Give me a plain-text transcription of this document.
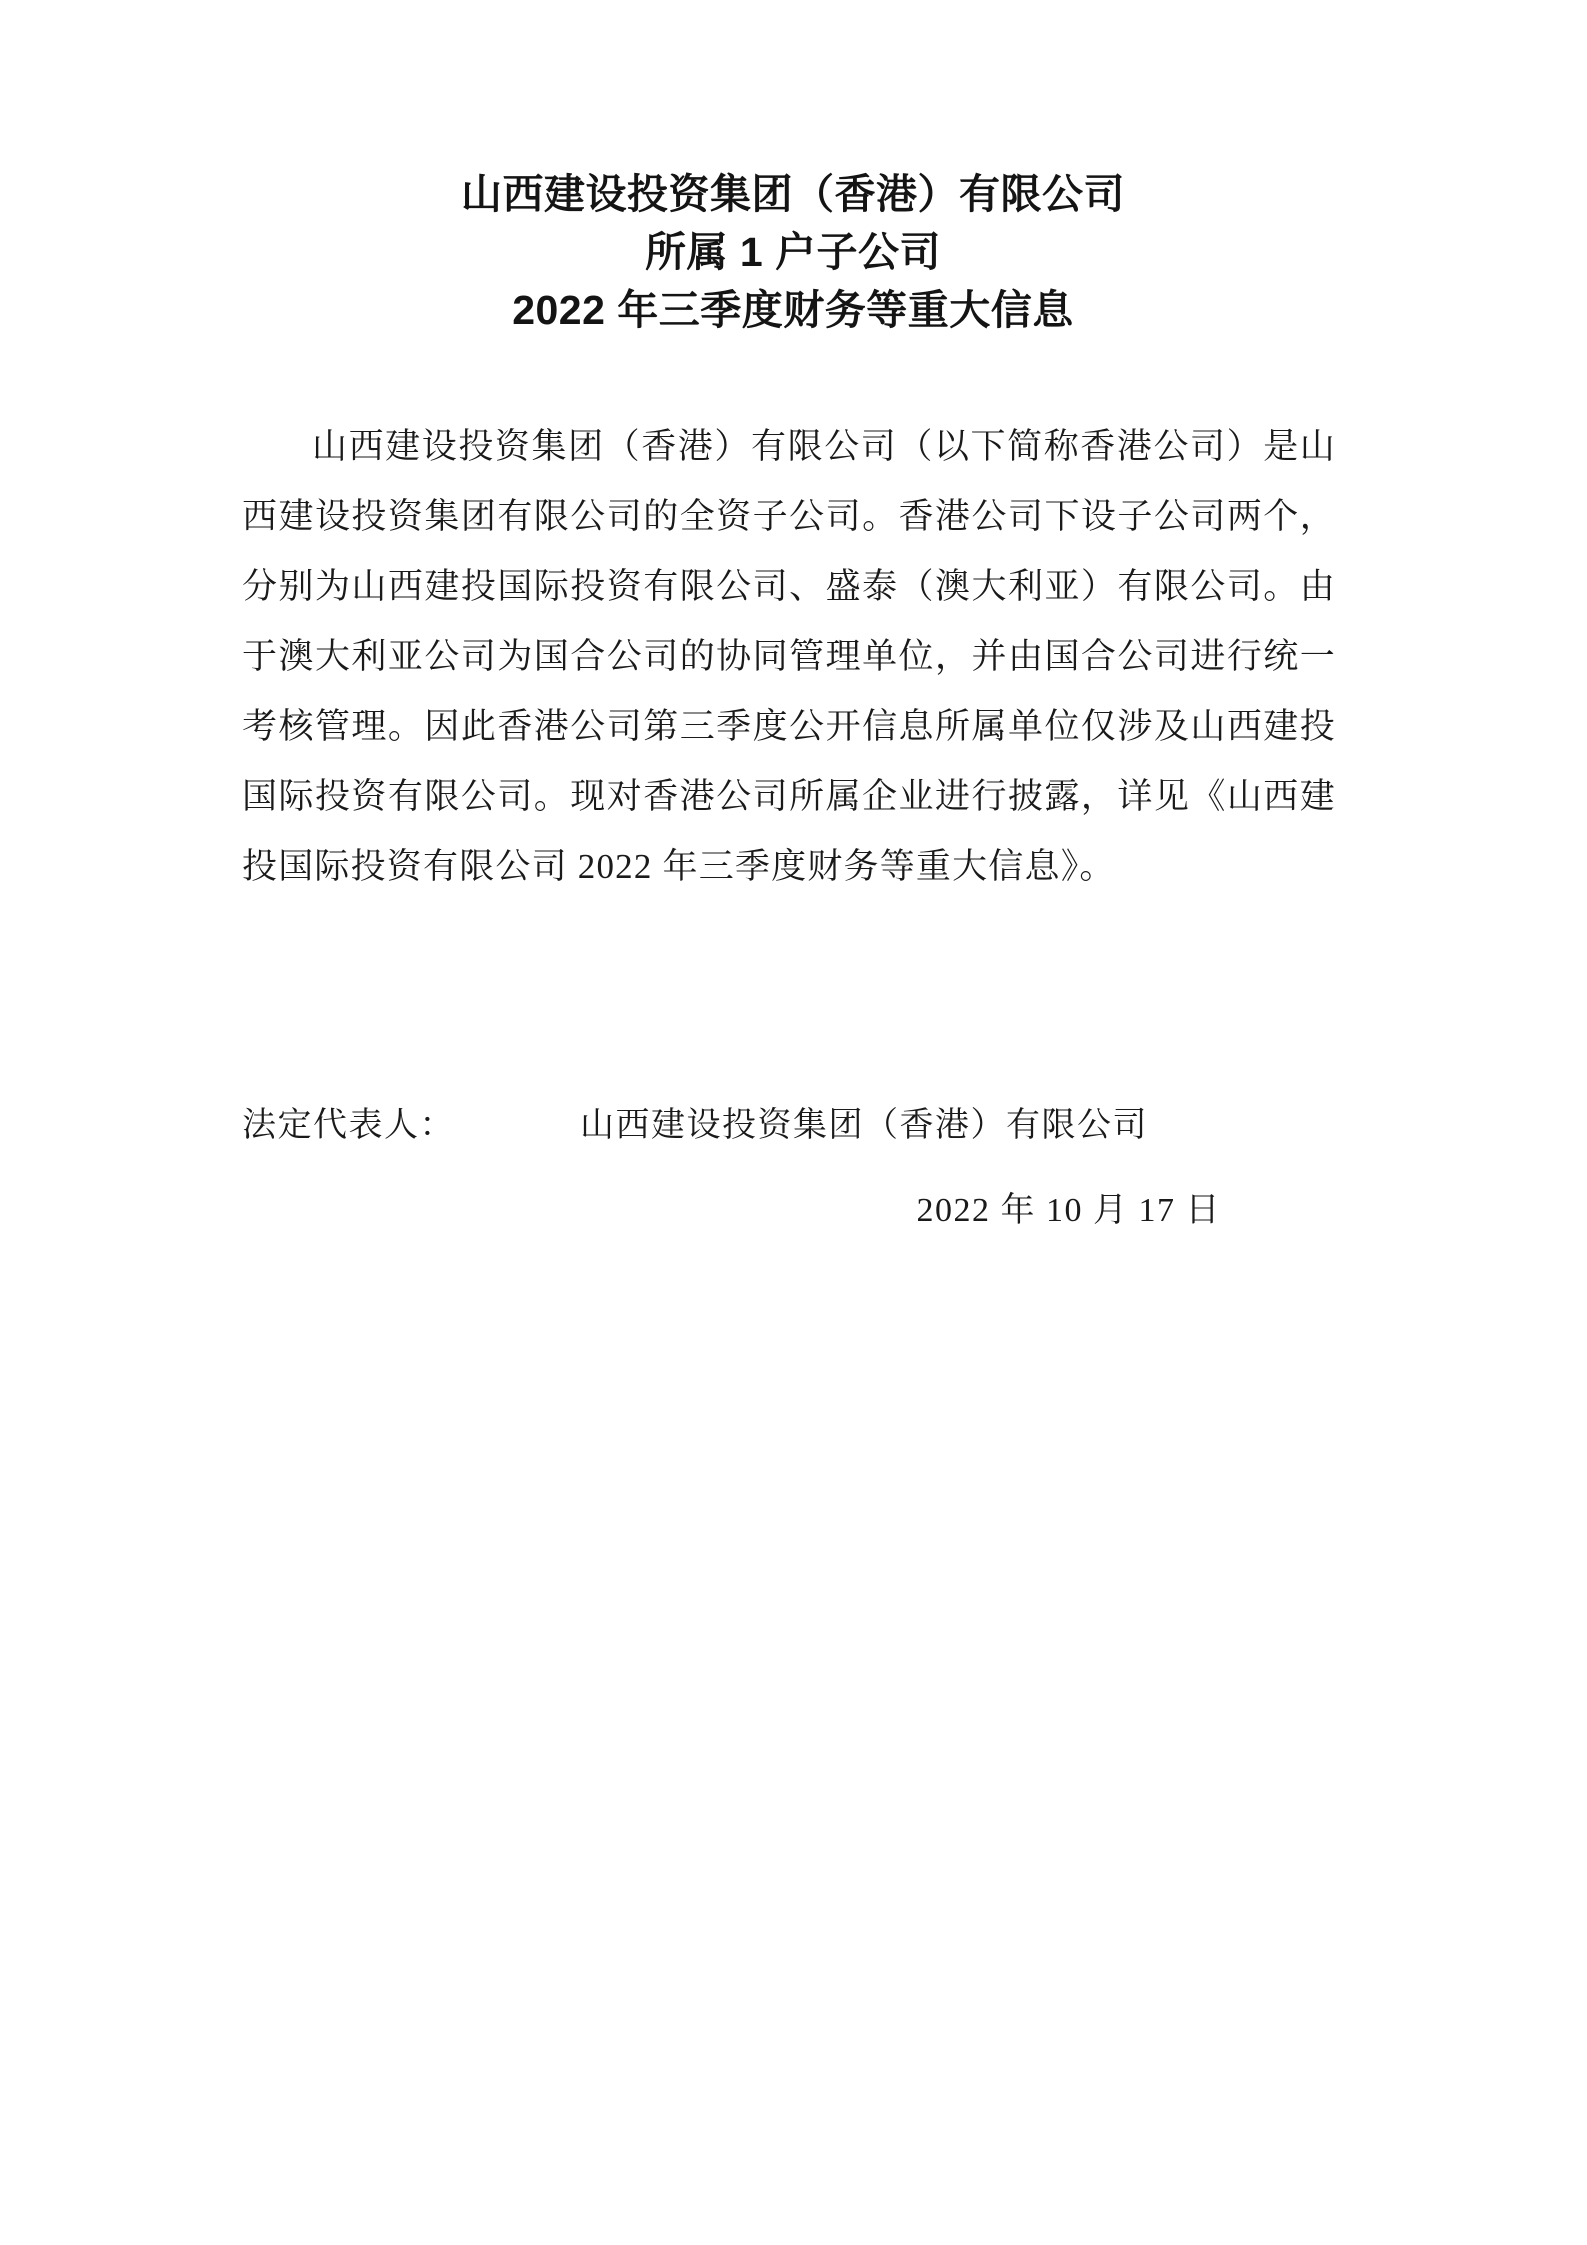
山西建设投资集团（香港）有限公司
所属 1 户子公司
2022 年三季度财务等重大信息

山西建设投资集团（香港）有限公司（以下简称香港公司）是山西建设投资集团有限公司的全资子公司。香港公司下设子公司两个，分别为山西建投国际投资有限公司、盛泰（澳大利亚）有限公司。由于澳大利亚公司为国合公司的协同管理单位，并由国合公司进行统一考核管理。因此香港公司第三季度公开信息所属单位仅涉及山西建投国际投资有限公司。现对香港公司所属企业进行披露，详见《山西建投国际投资有限公司 2022 年三季度财务等重大信息》。

法定代表人：	山西建设投资集团（香港）有限公司
2022 年 10 月 17 日
